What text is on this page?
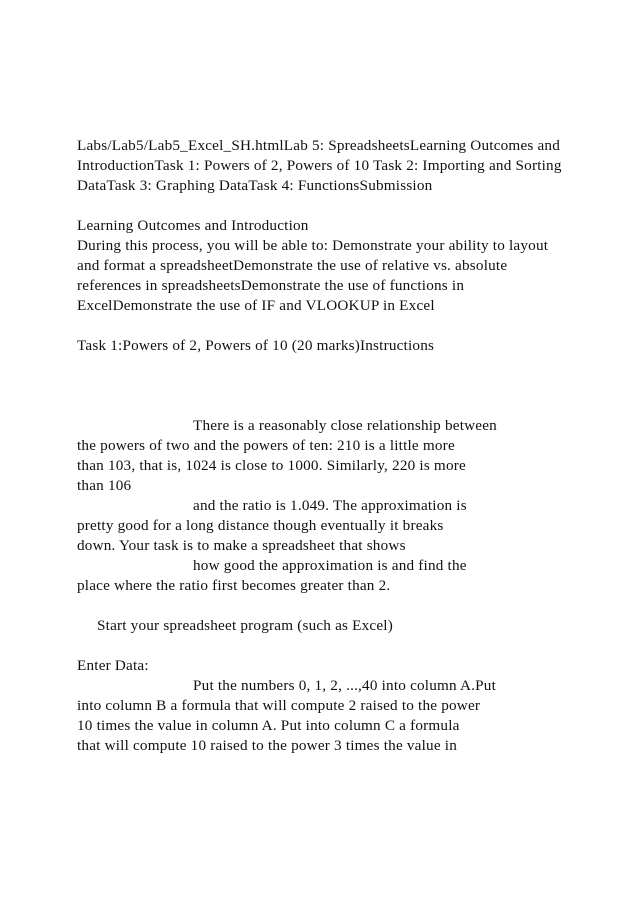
Labs/Lab5/Lab5_Excel_SH.htmlLab 5: SpreadsheetsLearning Outcomes and IntroductionTask 1: Powers of 2, Powers of 10 Task 2: Importing and Sorting DataTask 3: Graphing DataTask 4: FunctionsSubmission

Learning Outcomes and Introduction

During this process, you will be able to: Demonstrate your ability to layout and format a spreadsheetDemonstrate the use of relative vs. absolute references in spreadsheetsDemonstrate the use of functions in ExcelDemonstrate the use of IF and VLOOKUP in Excel

Task 1:Powers of 2, Powers of 10 (20 marks)Instructions

There is a reasonably close relationship between
the powers of two and the powers of ten: 210 is a little more
than 103, that is, 1024 is close to 1000. Similarly, 220 is more
than 106
and the ratio is 1.049. The approximation is
pretty good for a long distance though eventually it breaks
down. Your task is to make a spreadsheet that shows
how good the approximation is and find the
place where the ratio first becomes greater than 2.

Start your spreadsheet program (such as Excel)

Enter Data:

Put the numbers 0, 1, 2, ...,40 into column A.Put
into column B a formula that will compute 2 raised to the power
10 times the value in column A. Put into column C a formula
that will compute 10 raised to the power 3 times the value in
